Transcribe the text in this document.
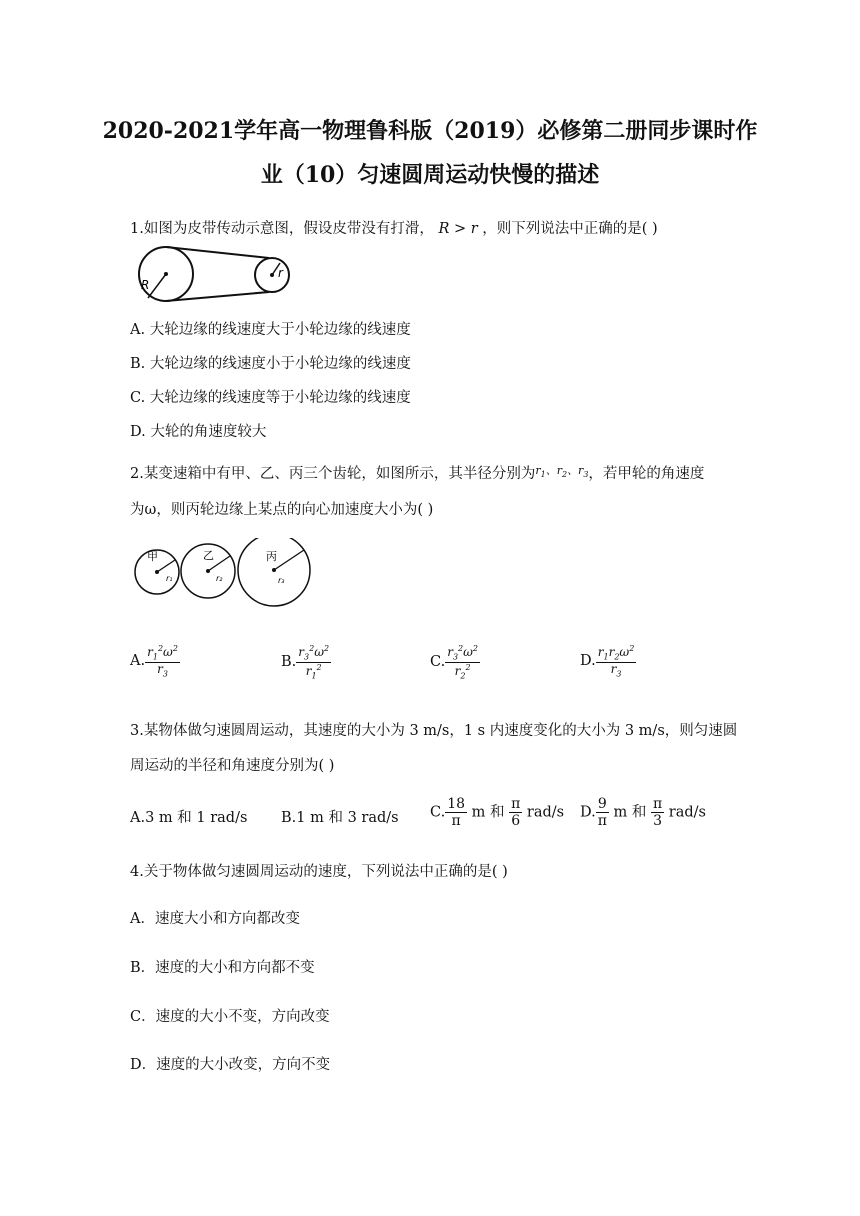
2020-2021学年高一物理鲁科版（2019）必修第二册同步课时作
业（10）匀速圆周运动快慢的描述
1.如图为皮带传动示意图，假设皮带没有打滑， R > r ，则下列说法中正确的是( )
R
r
A. 大轮边缘的线速度大于小轮边缘的线速度
B. 大轮边缘的线速度小于小轮边缘的线速度
C. 大轮边缘的线速度等于小轮边缘的线速度
D. 大轮的角速度较大
2.某变速箱中有甲、乙、丙三个齿轮，如图所示，其半径分别为$^{r_1、r_2、r_3}$，若甲轮的角速度
为ω，则丙轮边缘上某点的向心加速度大小为( )
甲	乙	丙
r₁	r₂	r₃
A. $\frac{r_1^2\omega^2}{r_3}$	B. $\frac{r_3^2\omega^2}{r_1^2}$	C. $\frac{r_3^2\omega^2}{r_2^2}$	D. $\frac{r_1r_2\omega^2}{r_3}$
3.某物体做匀速圆周运动，其速度的大小为 3 m/s，1 s 内速度变化的大小为 3 m/s，则匀速圆
周运动的半径和角速度分别为( )
A.3 m 和 1 rad/s B.1 m 和 3 rad/s C. $\frac{18}{\pi}$ m 和 $\frac{\pi}{6} rad/s$ D. $\frac{9}{\pi}$ m 和 $\frac{\pi}{3} rad/s$
4.关于物体做匀速圆周运动的速度，下列说法中正确的是( )
A．速度大小和方向都改变
B．速度的大小和方向都不变
C．速度的大小不变，方向改变
D．速度的大小改变，方向不变
